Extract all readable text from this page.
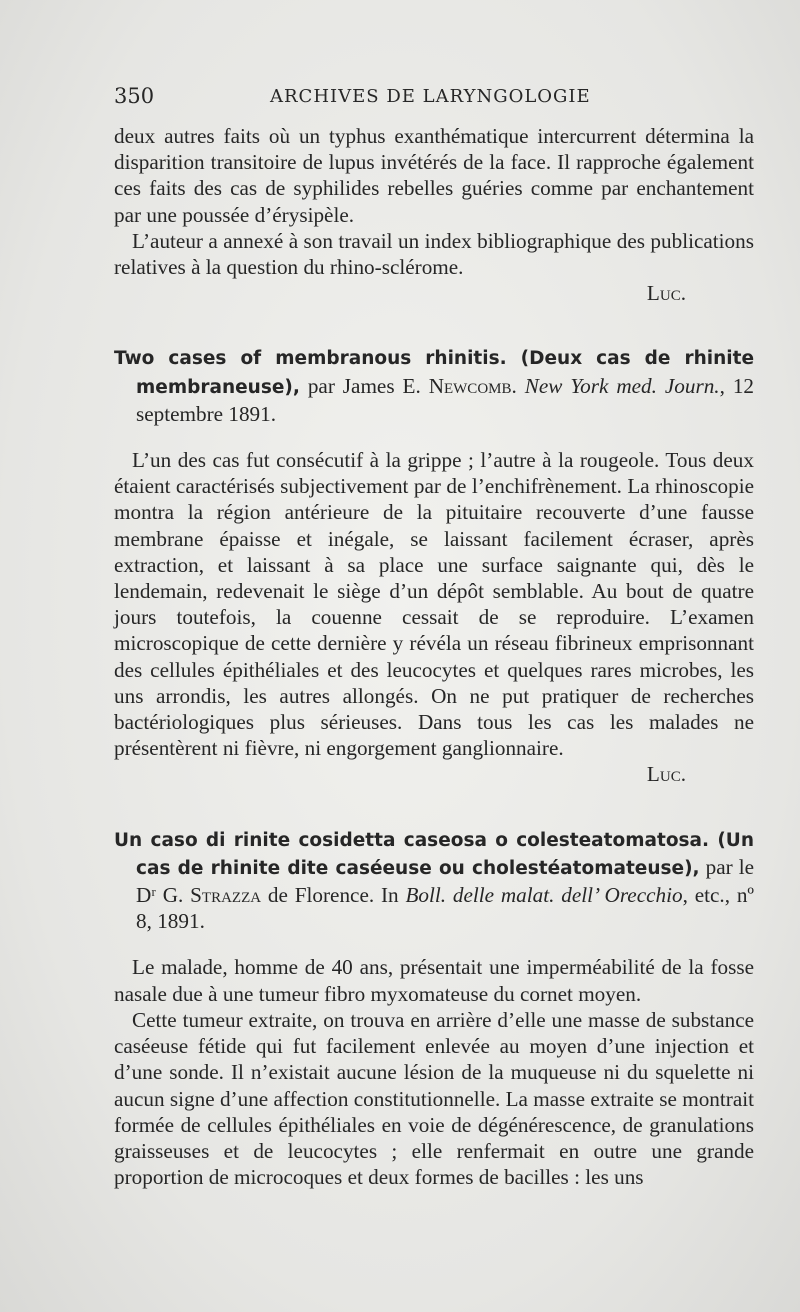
350	ARCHIVES DE LARYNGOLOGIE

deux autres faits où un typhus exanthématique intercurrent détermina la disparition transitoire de lupus invétérés de la face. Il rapproche également ces faits des cas de syphilides rebelles guéries comme par enchantement par une poussée d’érysipèle.

L’auteur a annexé à son travail un index bibliographique des publications relatives à la question du rhino-sclérome.

Luc.

Two cases of membranous rhinitis. (Deux cas de rhinite membraneuse), par James E. Newcomb. New York med. Journ., 12 septembre 1891.

L’un des cas fut consécutif à la grippe ; l’autre à la rougeole. Tous deux étaient caractérisés subjectivement par de l’enchifrènement. La rhinoscopie montra la région antérieure de la pituitaire recouverte d’une fausse membrane épaisse et inégale, se laissant facilement écraser, après extraction, et laissant à sa place une surface saignante qui, dès le lendemain, redevenait le siège d’un dépôt semblable. Au bout de quatre jours toutefois, la couenne cessait de se reproduire. L’examen microscopique de cette dernière y révéla un réseau fibrineux emprisonnant des cellules épithéliales et des leucocytes et quelques rares microbes, les uns arrondis, les autres allongés. On ne put pratiquer de recherches bactériologiques plus sérieuses. Dans tous les cas les malades ne présentèrent ni fièvre, ni engorgement ganglionnaire.

Luc.

Un caso di rinite cosidetta caseosa o colesteatomatosa. (Un cas de rhinite dite caséeuse ou cholestéatomateuse), par le Dʳ G. Strazza de Florence. In Boll. delle malat. dell’ Orecchio, etc., nº 8, 1891.

Le malade, homme de 40 ans, présentait une imperméabilité de la fosse nasale due à une tumeur fibro myxomateuse du cornet moyen.

Cette tumeur extraite, on trouva en arrière d’elle une masse de substance caséeuse fétide qui fut facilement enlevée au moyen d’une injection et d’une sonde. Il n’existait aucune lésion de la muqueuse ni du squelette ni aucun signe d’une affection constitutionnelle. La masse extraite se montrait formée de cellules épithéliales en voie de dégénérescence, de granulations graisseuses et de leucocytes ; elle renfermait en outre une grande proportion de microcoques et deux formes de bacilles : les uns
